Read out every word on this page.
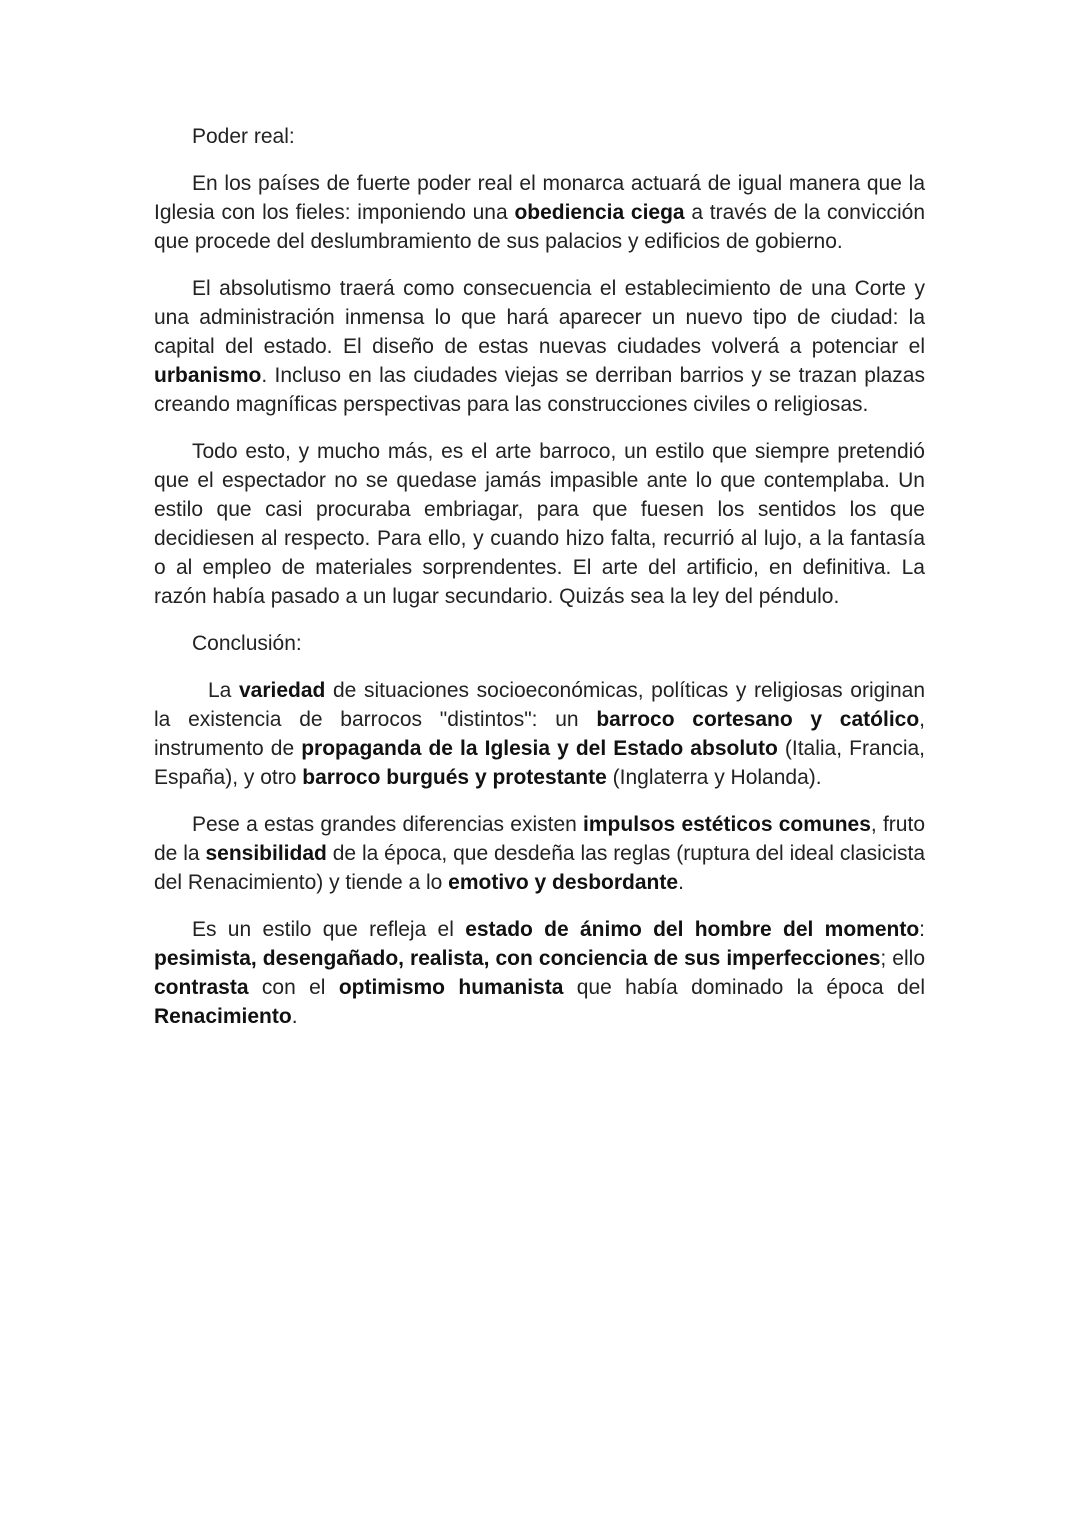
Poder real:

En los países de fuerte poder real el monarca actuará de igual manera que la Iglesia con los fieles: imponiendo una obediencia ciega a través de la convicción que procede del deslumbramiento de sus palacios y edificios de gobierno.

El absolutismo traerá como consecuencia el establecimiento de una Corte y una administración inmensa lo que hará aparecer un nuevo tipo de ciudad: la capital del estado. El diseño de estas nuevas ciudades volverá a potenciar el urbanismo. Incluso en las ciudades viejas se derriban barrios y se trazan plazas creando magníficas perspectivas para las construcciones civiles o religiosas.

Todo esto, y mucho más, es el arte barroco, un estilo que siempre pretendió que el espectador no se quedase jamás impasible ante lo que contemplaba. Un estilo que casi procuraba embriagar, para que fuesen los sentidos los que decidiesen al respecto. Para ello, y cuando hizo falta, recurrió al lujo, a la fantasía o al empleo de materiales sorprendentes. El arte del artificio, en definitiva. La razón había pasado a un lugar secundario. Quizás sea la ley del péndulo.

Conclusión:

La variedad de situaciones socioeconómicas, políticas y religiosas originan la existencia de barrocos "distintos": un barroco cortesano y católico, instrumento de propaganda de la Iglesia y del Estado absoluto (Italia, Francia, España), y otro barroco burgués y protestante (Inglaterra y Holanda).

Pese a estas grandes diferencias existen impulsos estéticos comunes, fruto de la sensibilidad de la época, que desdeña las reglas (ruptura del ideal clasicista del Renacimiento) y tiende a lo emotivo y desbordante.

Es un estilo que refleja el estado de ánimo del hombre del momento: pesimista, desengañado, realista, con conciencia de sus imperfecciones; ello contrasta con el optimismo humanista que había dominado la época del Renacimiento.
